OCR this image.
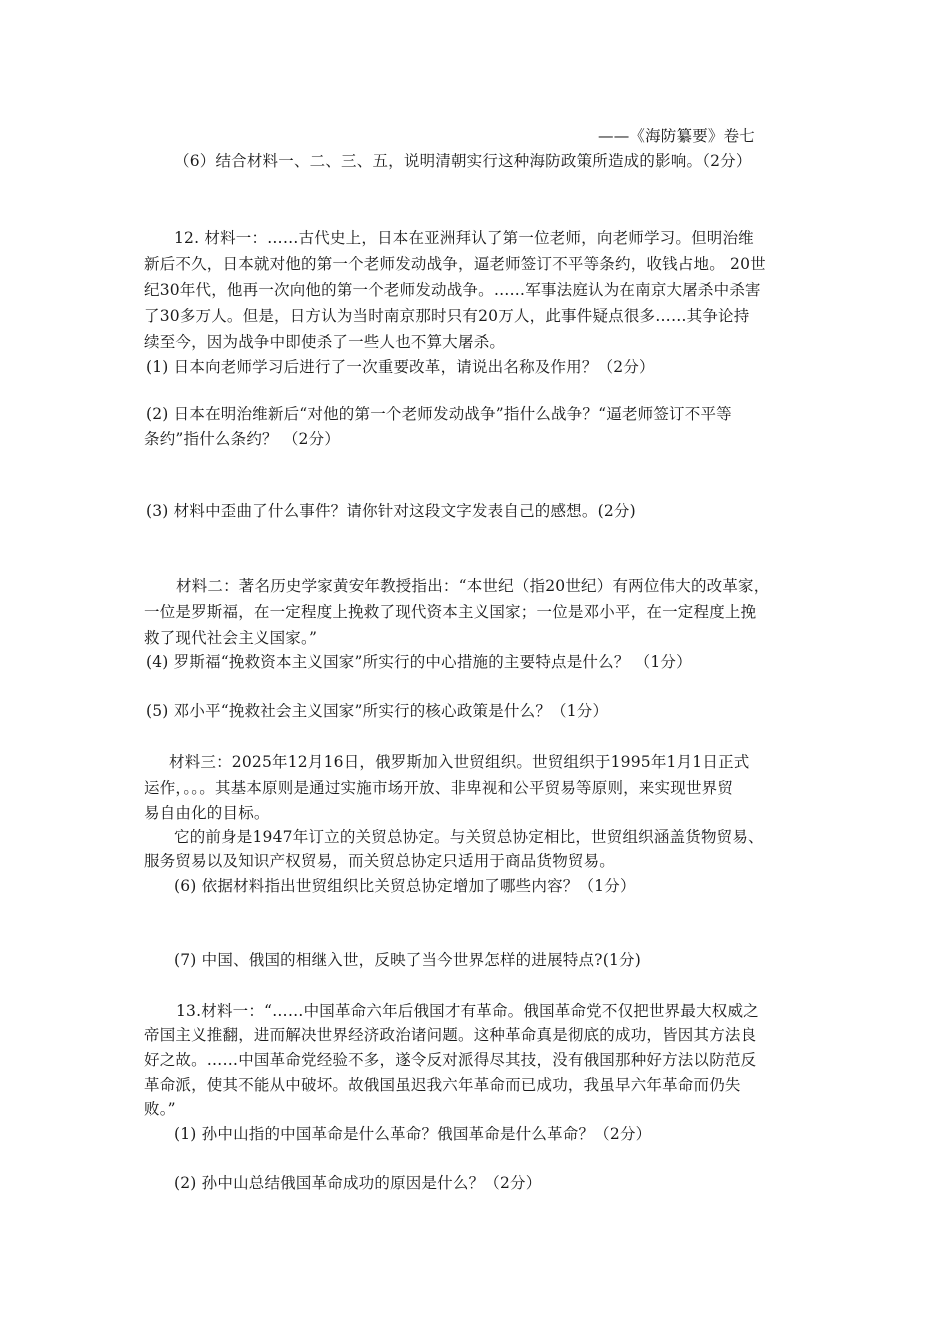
——《海防纂要》卷七
（6）结合材料一、二、三、五，说明清朝实行这种海防政策所造成的影响。（2分）
12. 材料一：……古代史上，日本在亚洲拜认了第一位老师，向老师学习。但明治维
新后不久，日本就对他的第一个老师发动战争，逼老师签订不平等条约，收钱占地。 20世
纪30年代，他再一次向他的第一个老师发动战争。……军事法庭认为在南京大屠杀中杀害
了30多万人。但是，日方认为当时南京那时只有20万人，此事件疑点很多……其争论持
续至今，因为战争中即使杀了一些人也不算大屠杀。
(1) 日本向老师学习后进行了一次重要改革，请说出名称及作用？（2分）
(2) 日本在明治维新后“对他的第一个老师发动战争”指什么战争？“逼老师签订不平等
条约”指什么条约？ （2分）
(3) 材料中歪曲了什么事件？请你针对这段文字发表自己的感想。(2分)
材料二：著名历史学家黄安年教授指出：“本世纪（指20世纪）有两位伟大的改革家，
一位是罗斯福，在一定程度上挽救了现代资本主义国家；一位是邓小平，在一定程度上挽
救了现代社会主义国家。”
(4) 罗斯福“挽救资本主义国家”所实行的中心措施的主要特点是什么？ （1分）
(5) 邓小平“挽救社会主义国家”所实行的核心政策是什么？（1分）
材料三：2025年12月16日，俄罗斯加入世贸组织。世贸组织于1995年1月1日正式
运作，。。。其基本原则是通过实施市场开放、非卑视和公平贸易等原则，来实现世界贸
易自由化的目标。
它的前身是1947年订立的关贸总协定。与关贸总协定相比，世贸组织涵盖货物贸易、
服务贸易以及知识产权贸易，而关贸总协定只适用于商品货物贸易。
(6) 依据材料指出世贸组织比关贸总协定增加了哪些内容？（1分）
(7) 中国、俄国的相继入世，反映了当今世界怎样的进展特点?(1分)
13.材料一：“……中国革命六年后俄国才有革命。俄国革命党不仅把世界最大权威之
帝国主义推翻，进而解决世界经济政治诸问题。这种革命真是彻底的成功，皆因其方法良
好之故。……中国革命党经验不多，遂令反对派得尽其技，没有俄国那种好方法以防范反
革命派，使其不能从中破坏。故俄国虽迟我六年革命而已成功，我虽早六年革命而仍失
败。”
(1) 孙中山指的中国革命是什么革命？俄国革命是什么革命？（2分）
(2) 孙中山总结俄国革命成功的原因是什么？（2分）
